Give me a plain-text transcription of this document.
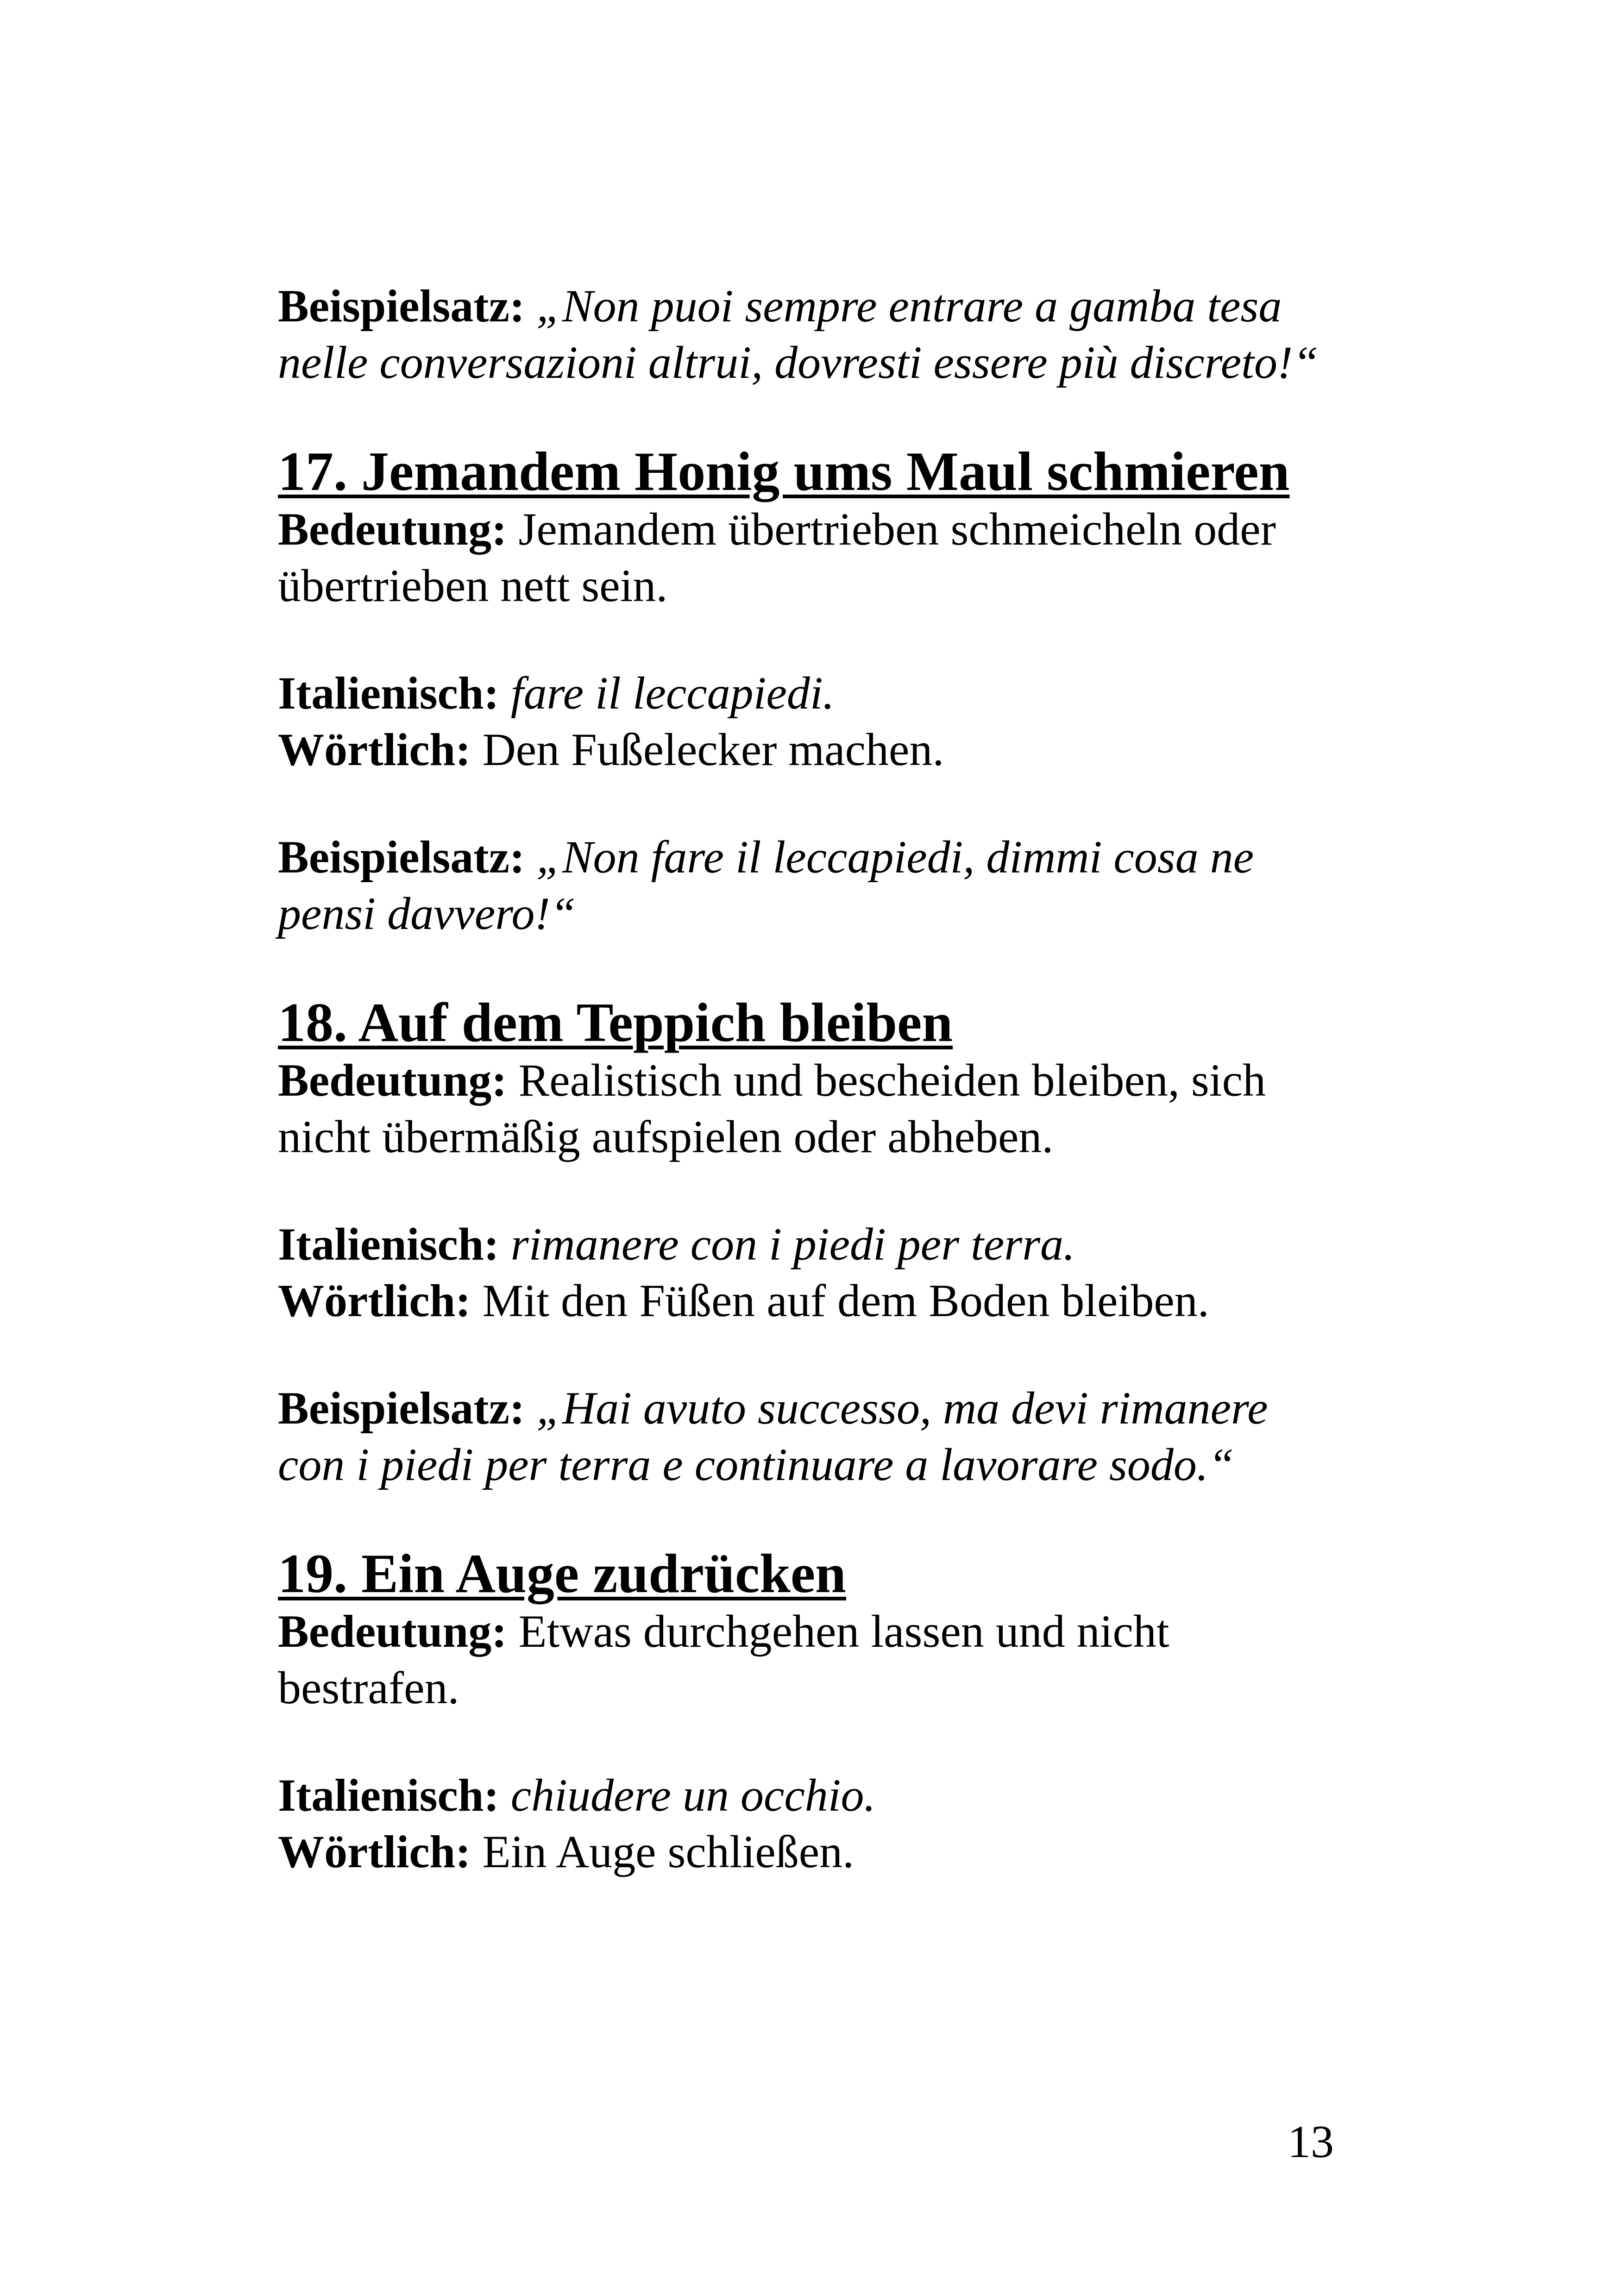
Beispielsatz: „Non puoi sempre entrare a gamba tesa

nelle conversazioni altrui, dovresti essere più discreto!“

17. Jemandem Honig ums Maul schmieren

Bedeutung: Jemandem übertrieben schmeicheln oder

übertrieben nett sein.

Italienisch: fare il leccapiedi.

Wörtlich: Den Fußelecker machen.

Beispielsatz: „Non fare il leccapiedi, dimmi cosa ne

pensi davvero!“

18. Auf dem Teppich bleiben

Bedeutung: Realistisch und bescheiden bleiben, sich

nicht übermäßig aufspielen oder abheben.

Italienisch: rimanere con i piedi per terra.

Wörtlich: Mit den Füßen auf dem Boden bleiben.

Beispielsatz: „Hai avuto successo, ma devi rimanere

con i piedi per terra e continuare a lavorare sodo.“

19. Ein Auge zudrücken

Bedeutung: Etwas durchgehen lassen und nicht

bestrafen.

Italienisch: chiudere un occhio.

Wörtlich: Ein Auge schließen.

13
